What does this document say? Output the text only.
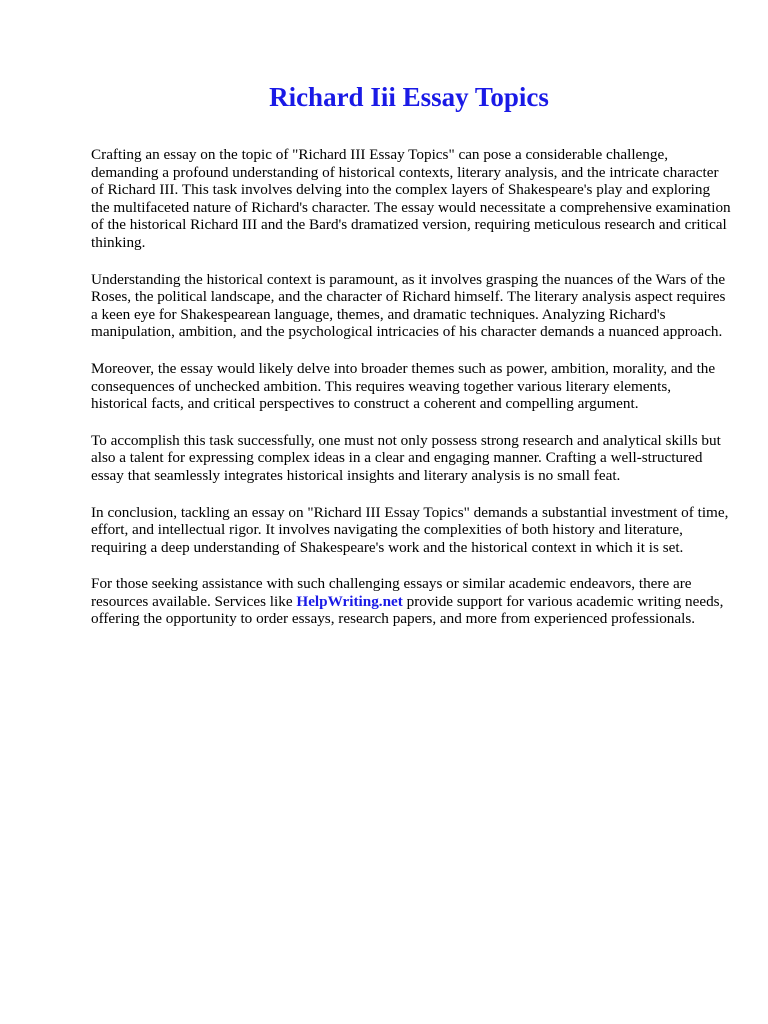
Richard Iii Essay Topics

Crafting an essay on the topic of "Richard III Essay Topics" can pose a considerable challenge, demanding a profound understanding of historical contexts, literary analysis, and the intricate character of Richard III. This task involves delving into the complex layers of Shakespeare's play and exploring the multifaceted nature of Richard's character. The essay would necessitate a comprehensive examination of the historical Richard III and the Bard's dramatized version, requiring meticulous research and critical thinking.

Understanding the historical context is paramount, as it involves grasping the nuances of the Wars of the Roses, the political landscape, and the character of Richard himself. The literary analysis aspect requires a keen eye for Shakespearean language, themes, and dramatic techniques. Analyzing Richard's manipulation, ambition, and the psychological intricacies of his character demands a nuanced approach.

Moreover, the essay would likely delve into broader themes such as power, ambition, morality, and the consequences of unchecked ambition. This requires weaving together various literary elements, historical facts, and critical perspectives to construct a coherent and compelling argument.

To accomplish this task successfully, one must not only possess strong research and analytical skills but also a talent for expressing complex ideas in a clear and engaging manner. Crafting a well-structured essay that seamlessly integrates historical insights and literary analysis is no small feat.

In conclusion, tackling an essay on "Richard III Essay Topics" demands a substantial investment of time, effort, and intellectual rigor. It involves navigating the complexities of both history and literature, requiring a deep understanding of Shakespeare's work and the historical context in which it is set.

For those seeking assistance with such challenging essays or similar academic endeavors, there are resources available. Services like HelpWriting.net provide support for various academic writing needs, offering the opportunity to order essays, research papers, and more from experienced professionals.
